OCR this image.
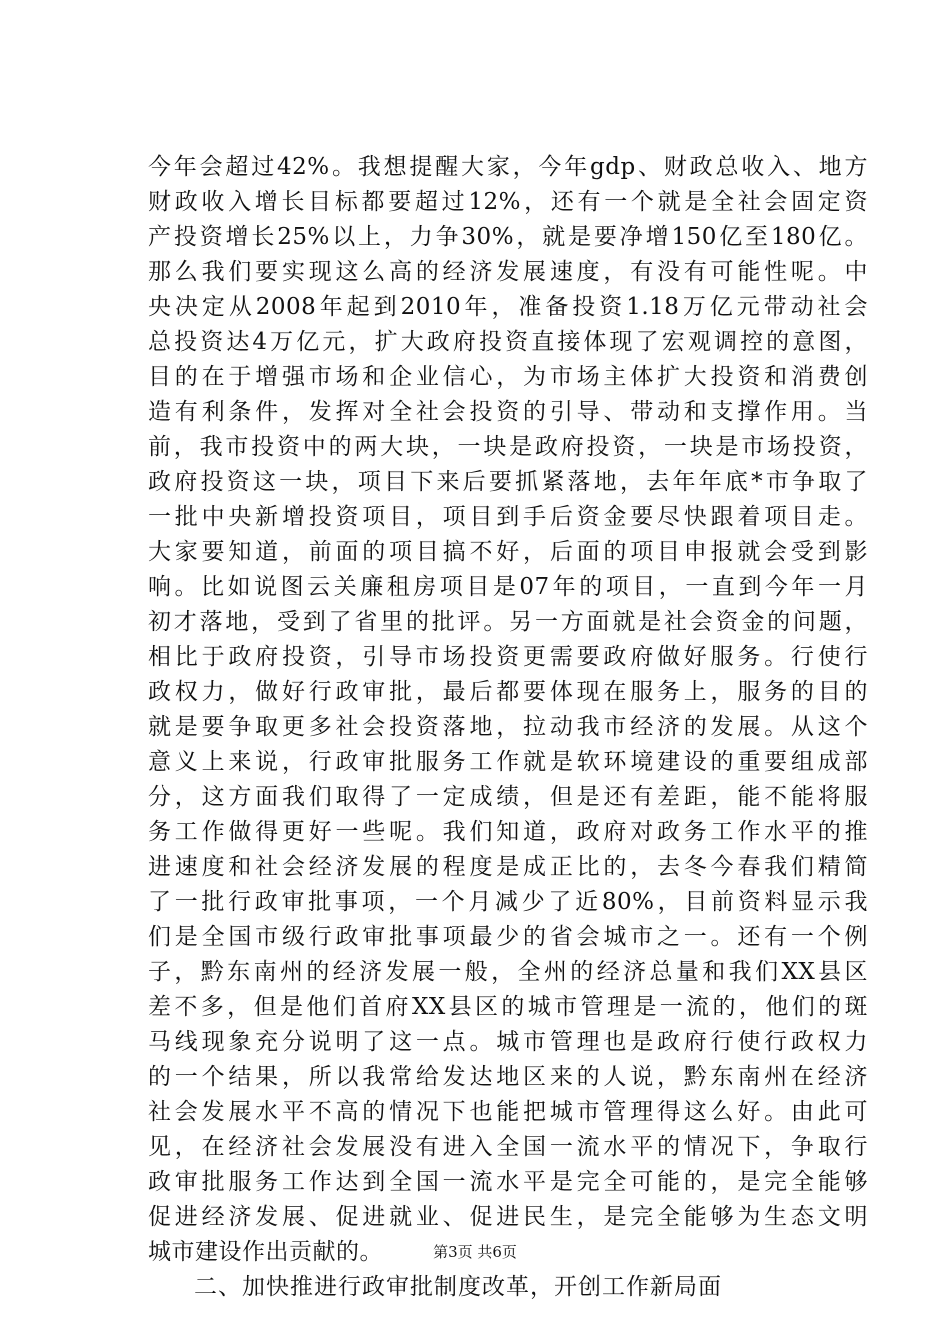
今年会超过42%。我想提醒大家，今年gdp、财政总收入、地方
财政收入增长目标都要超过12%，还有一个就是全社会固定资
产投资增长25%以上，力争30%，就是要净增150亿至180亿。
那么我们要实现这么高的经济发展速度，有没有可能性呢。中
央决定从2008年起到2010年，准备投资1.18万亿元带动社会
总投资达4万亿元，扩大政府投资直接体现了宏观调控的意图，
目的在于增强市场和企业信心，为市场主体扩大投资和消费创
造有利条件，发挥对全社会投资的引导、带动和支撑作用。当
前，我市投资中的两大块，一块是政府投资，一块是市场投资，
政府投资这一块，项目下来后要抓紧落地，去年年底*市争取了
一批中央新增投资项目，项目到手后资金要尽快跟着项目走。
大家要知道，前面的项目搞不好，后面的项目申报就会受到影
响。比如说图云关廉租房项目是07年的项目，一直到今年一月
初才落地，受到了省里的批评。另一方面就是社会资金的问题，
相比于政府投资，引导市场投资更需要政府做好服务。行使行
政权力，做好行政审批，最后都要体现在服务上，服务的目的
就是要争取更多社会投资落地，拉动我市经济的发展。从这个
意义上来说，行政审批服务工作就是软环境建设的重要组成部
分，这方面我们取得了一定成绩，但是还有差距，能不能将服
务工作做得更好一些呢。我们知道，政府对政务工作水平的推
进速度和社会经济发展的程度是成正比的，去冬今春我们精简
了一批行政审批事项，一个月减少了近80%，目前资料显示我
们是全国市级行政审批事项最少的省会城市之一。还有一个例
子，黔东南州的经济发展一般，全州的经济总量和我们XX县区
差不多，但是他们首府XX县区的城市管理是一流的，他们的斑
马线现象充分说明了这一点。城市管理也是政府行使行政权力
的一个结果，所以我常给发达地区来的人说，黔东南州在经济
社会发展水平不高的情况下也能把城市管理得这么好。由此可
见，在经济社会发展没有进入全国一流水平的情况下，争取行
政审批服务工作达到全国一流水平是完全可能的，是完全能够
促进经济发展、促进就业、促进民生，是完全能够为生态文明
城市建设作出贡献的。
二、加快推进行政审批制度改革，开创工作新局面
第3页 共6页
